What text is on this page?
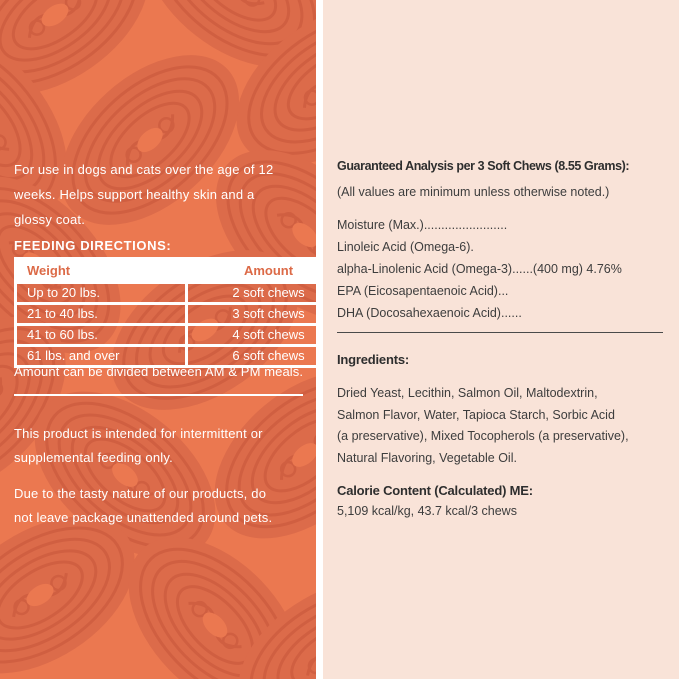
For use in dogs and cats over the age of 12
weeks. Helps support healthy skin and a
glossy coat.
FEEDING DIRECTIONS:
Weight	Amount
Up to 20 lbs.	2 soft chews
21 to 40 lbs.	3 soft chews
41 to 60 lbs.	4 soft chews
61 lbs. and over	6 soft chews
Amount can be divided between AM & PM meals.
This product is intended for intermittent or
supplemental feeding only.
Due to the tasty nature of our products, do
not leave package unattended around pets.
Guaranteed Analysis per 3 Soft Chews (8.55 Grams):
(All values are minimum unless otherwise noted.)
Moisture (Max.)........................
Linoleic Acid (Omega-6).
alpha-Linolenic Acid (Omega-3)......(400 mg) 4.76%
EPA (Eicosapentaenoic Acid)...
DHA (Docosahexaenoic Acid)......
Ingredients:
Dried Yeast, Lecithin, Salmon Oil, Maltodextrin,
Salmon Flavor, Water, Tapioca Starch, Sorbic Acid
(a preservative), Mixed Tocopherols (a preservative),
Natural Flavoring, Vegetable Oil.
Calorie Content (Calculated) ME:
5,109 kcal/kg, 43.7 kcal/3 chews
